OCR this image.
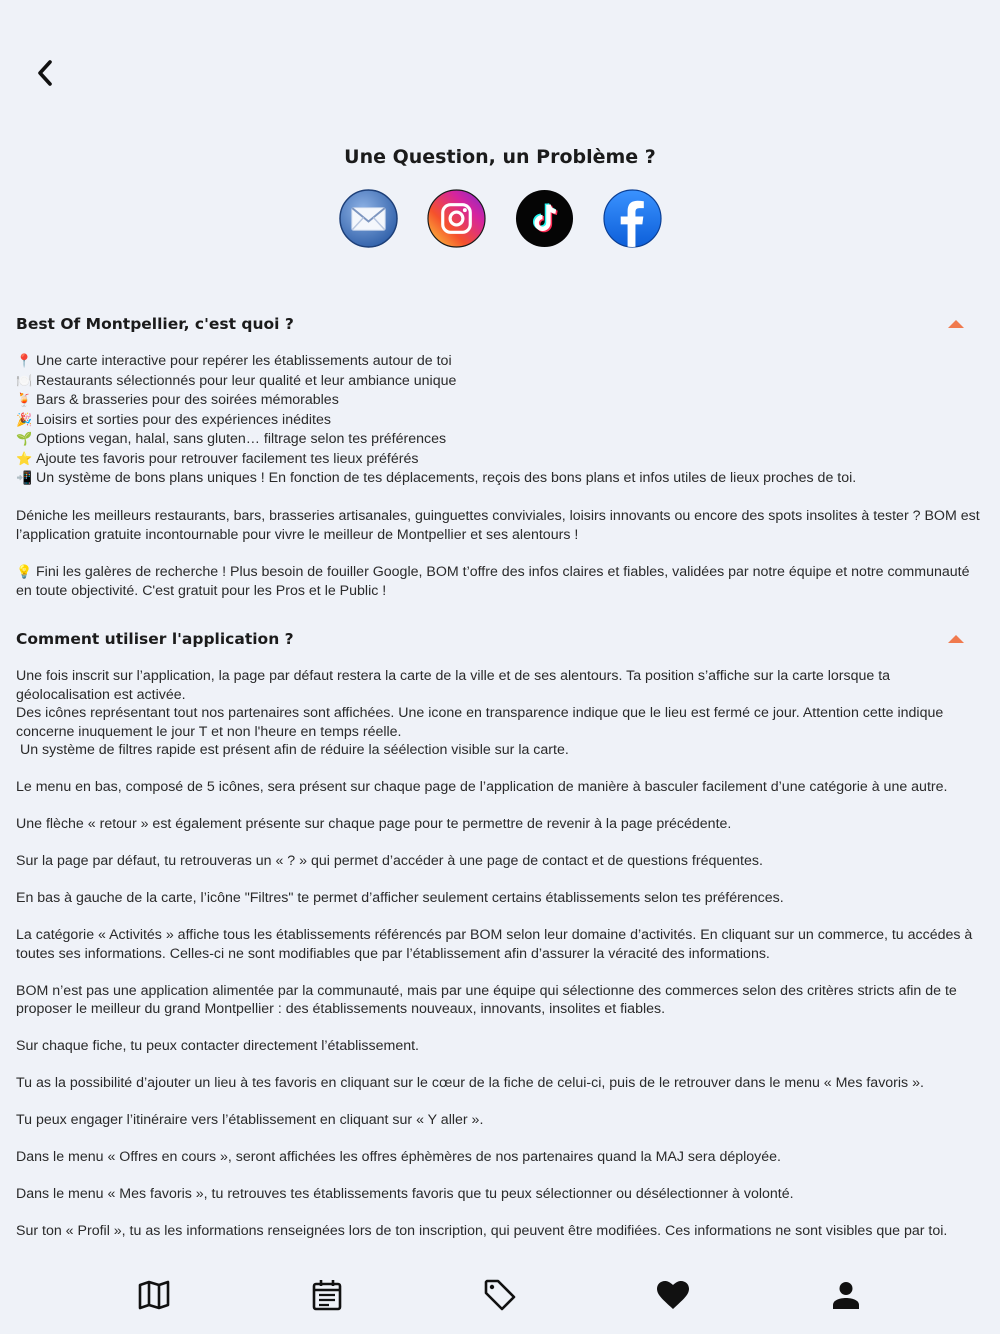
Une Question, un Problème ?
Best Of Montpellier, c'est quoi ?

📍 Une carte interactive pour repérer les établissements autour de toi

🍽️ Restaurants sélectionnés pour leur qualité et leur ambiance unique

🍹 Bars & brasseries pour des soirées mémorables

🎉 Loisirs et sorties pour des expériences inédites

🌱 Options vegan, halal, sans gluten… filtrage selon tes préférences

⭐ Ajoute tes favoris pour retrouver facilement tes lieux préférés

📲 Un système de bons plans uniques ! En fonction de tes déplacements, reçois des bons plans et infos utiles de lieux proches de toi.

Déniche les meilleurs restaurants, bars, brasseries artisanales, guinguettes conviviales, loisirs innovants ou encore des spots insolites à tester ? BOM est l’application gratuite incontournable pour vivre le meilleur de Montpellier et ses alentours !

💡 Fini les galères de recherche ! Plus besoin de fouiller Google, BOM t’offre des infos claires et fiables, validées par notre équipe et notre communauté en toute objectivité. C'est gratuit pour les Pros et le Public !

Comment utiliser l'application ?

Une fois inscrit sur l’application, la page par défaut restera la carte de la ville et de ses alentours. Ta position s’affiche sur la carte lorsque ta géolocalisation est activée.

Des icônes représentant tout nos partenaires sont affichées. Une icone en transparence indique que le lieu est fermé ce jour. Attention cette indique concerne inuquement le jour T et non l'heure en temps réelle.

Un système de filtres rapide est présent afin de réduire la séélection visible sur la carte.

Le menu en bas, composé de 5 icônes, sera présent sur chaque page de l’application de manière à basculer facilement d’une catégorie à une autre.

Une flèche « retour » est également présente sur chaque page pour te permettre de revenir à la page précédente.

Sur la page par défaut, tu retrouveras un « ? » qui permet d’accéder à une page de contact et de questions fréquentes.

En bas à gauche de la carte, l’icône "Filtres" te permet d’afficher seulement certains établissements selon tes préférences.

La catégorie « Activités » affiche tous les établissements référencés par BOM selon leur domaine d’activités. En cliquant sur un commerce, tu accédes à toutes ses informations. Celles-ci ne sont modifiables que par l’établissement afin d’assurer la véracité des informations.

BOM n’est pas une application alimentée par la communauté, mais par une équipe qui sélectionne des commerces selon des critères stricts afin de te proposer le meilleur du grand Montpellier : des établissements nouveaux, innovants, insolites et fiables.

Sur chaque fiche, tu peux contacter directement l’établissement.

Tu as la possibilité d’ajouter un lieu à tes favoris en cliquant sur le cœur de la fiche de celui-ci, puis de le retrouver dans le menu « Mes favoris ».

Tu peux engager l’itinéraire vers l’établissement en cliquant sur « Y aller ».

Dans le menu « Offres en cours », seront affichées les offres éphèmères de nos partenaires quand la MAJ sera déployée.

Dans le menu « Mes favoris », tu retrouves tes établissements favoris que tu peux sélectionner ou désélectionner à volonté.

Sur ton « Profil », tu as les informations renseignées lors de ton inscription, qui peuvent être modifiées. Ces informations ne sont visibles que par toi.
